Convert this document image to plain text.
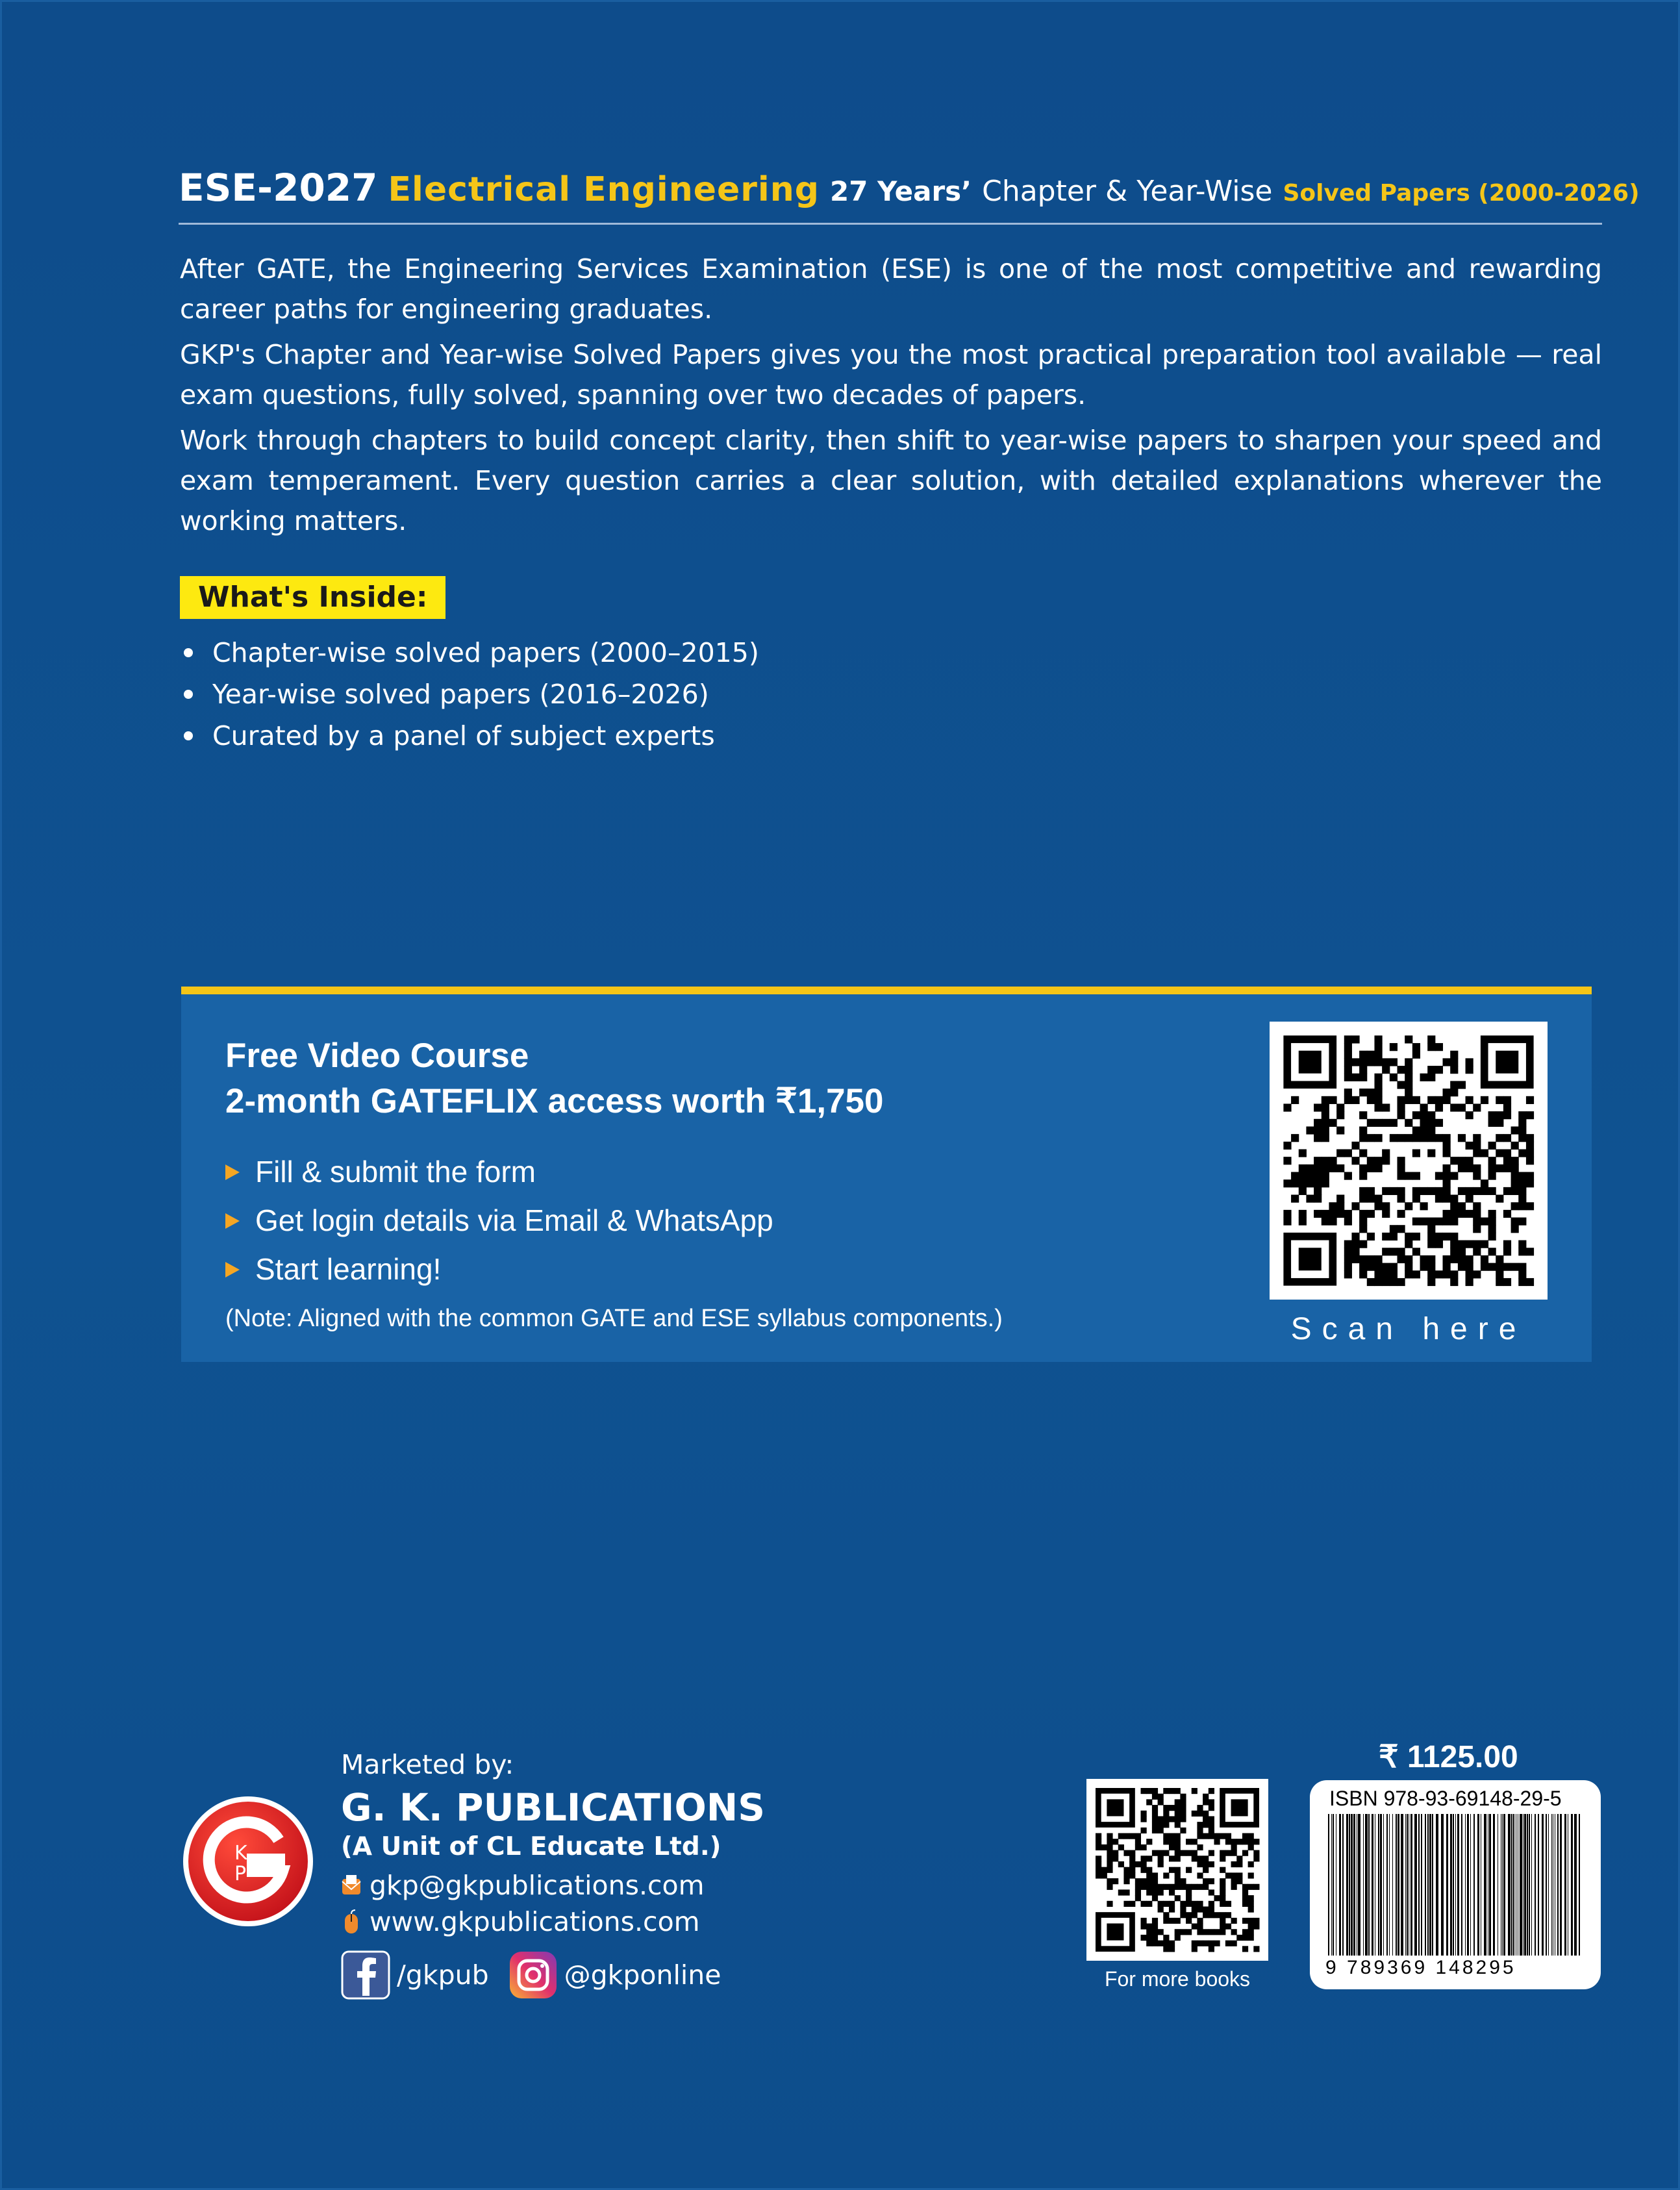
ESE-2027 Electrical Engineering 27 Years’ Chapter & Year-Wise Solved Papers (2000-2026)

After GATE, the Engineering Services Examination (ESE) is one of the most competitive and rewarding career paths for engineering graduates.

GKP's Chapter and Year-wise Solved Papers gives you the most practical preparation tool available — real exam questions, fully solved, spanning over two decades of papers.

Work through chapters to build concept clarity, then shift to year-wise papers to sharpen your speed and exam temperament. Every question carries a clear solution, with detailed explanations wherever the working matters.

What's Inside:
Chapter-wise solved papers (2000–2015)
Year-wise solved papers (2016–2026)
Curated by a panel of subject experts
Free Video Course
2-month GATEFLIX access worth ₹1,750
Fill & submit the form
Get login details via Email & WhatsApp
Start learning!
(Note: Aligned with the common GATE and ESE syllabus components.)	Scan here
K
P
Marketed by:
G. K. PUBLICATIONS
(A Unit of CL Educate Ltd.)
gkp@gkpublications.com
www.gkpublications.com
/gkpub	@gkponline	For more books
₹ 1125.00
ISBN 978-93-69148-29-5
9 789369 148295
